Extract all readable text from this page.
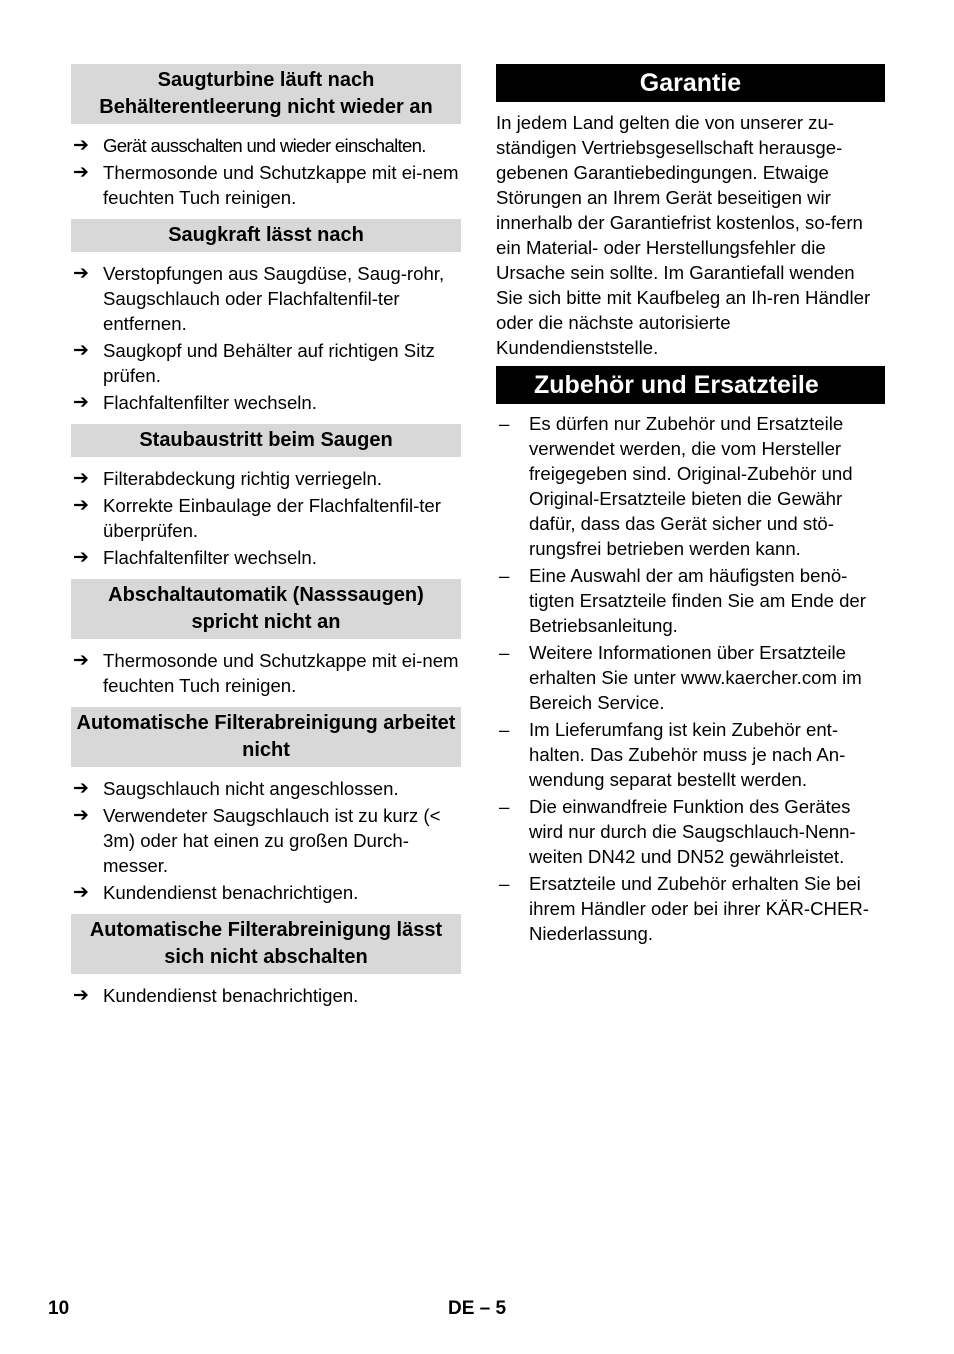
Saugturbine läuft nach Behälterentleerung nicht wieder an
➔ Gerät ausschalten und wieder einschalten.
➔ Thermosonde und Schutzkappe mit ei-nem feuchten Tuch reinigen.
Saugkraft lässt nach
➔ Verstopfungen aus Saugdüse, Saug-rohr, Saugschlauch oder Flachfaltenfil-ter entfernen.
➔ Saugkopf und Behälter auf richtigen Sitz prüfen.
➔ Flachfaltenfilter wechseln.
Staubaustritt beim Saugen
➔ Filterabdeckung richtig verriegeln.
➔ Korrekte Einbaulage der Flachfaltenfil-ter überprüfen.
➔ Flachfaltenfilter wechseln.
Abschaltautomatik (Nasssaugen) spricht nicht an
➔ Thermosonde und Schutzkappe mit ei-nem feuchten Tuch reinigen.
Automatische Filterabreinigung arbeitet nicht
➔ Saugschlauch nicht angeschlossen.
➔ Verwendeter Saugschlauch ist zu kurz (< 3m) oder hat einen zu großen Durch-messer.
➔ Kundendienst benachrichtigen.
Automatische Filterabreinigung lässt sich nicht abschalten
➔ Kundendienst benachrichtigen.
Garantie

In jedem Land gelten die von unserer zu-ständigen Vertriebsgesellschaft herausge-gebenen Garantiebedingungen. Etwaige Störungen an Ihrem Gerät beseitigen wir innerhalb der Garantiefrist kostenlos, so-fern ein Material- oder Herstellungsfehler die Ursache sein sollte. Im Garantiefall wenden Sie sich bitte mit Kaufbeleg an Ih-ren Händler oder die nächste autorisierte Kundendienststelle.

Zubehör und Ersatzteile
– Es dürfen nur Zubehör und Ersatzteile verwendet werden, die vom Hersteller freigegeben sind. Original-Zubehör und Original-Ersatzteile bieten die Gewähr dafür, dass das Gerät sicher und stö-rungsfrei betrieben werden kann.
– Eine Auswahl der am häufigsten benö-tigten Ersatzteile finden Sie am Ende der Betriebsanleitung.
– Weitere Informationen über Ersatzteile erhalten Sie unter www.kaercher.com im Bereich Service.
– Im Lieferumfang ist kein Zubehör ent-halten. Das Zubehör muss je nach An-wendung separat bestellt werden.
– Die einwandfreie Funktion des Gerätes wird nur durch die Saugschlauch-Nenn-weiten DN42 und DN52 gewährleistet.
– Ersatzteile und Zubehör erhalten Sie bei ihrem Händler oder bei ihrer KÄR-CHER-Niederlassung.
10	DE – 5
